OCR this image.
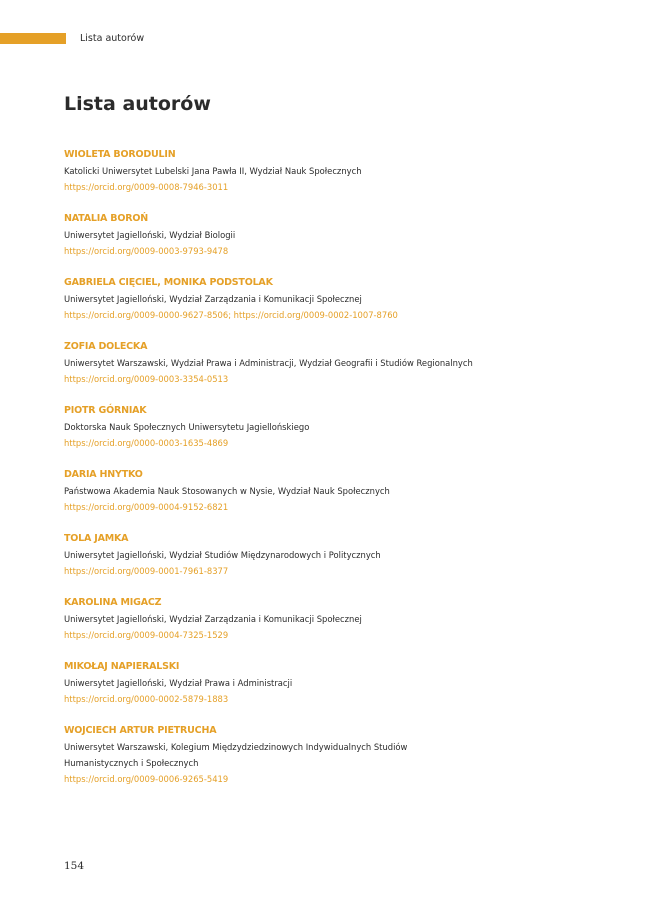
Lista autorów
Lista autorów
WIOLETA BORODULIN
Katolicki Uniwersytet Lubelski Jana Pawła II, Wydział Nauk Społecznych
https://orcid.org/0009-0008-7946-3011
NATALIA BOROŃ
Uniwersytet Jagielloński, Wydział Biologii
https://orcid.org/0009-0003-9793-9478
GABRIELA CIĘCIEL, MONIKA PODSTOLAK
Uniwersytet Jagielloński, Wydział Zarządzania i Komunikacji Społecznej
https://orcid.org/0009-0000-9627-8506; https://orcid.org/0009-0002-1007-8760
ZOFIA DOLECKA
Uniwersytet Warszawski, Wydział Prawa i Administracji, Wydział Geografii i Studiów Regionalnych
https://orcid.org/0009-0003-3354-0513
PIOTR GÓRNIAK
Doktorska Nauk Społecznych Uniwersytetu Jagiellońskiego
https://orcid.org/0000-0003-1635-4869
DARIA HNYTKO
Państwowa Akademia Nauk Stosowanych w Nysie, Wydział Nauk Społecznych
https://orcid.org/0009-0004-9152-6821
TOLA JAMKA
Uniwersytet Jagielloński, Wydział Studiów Międzynarodowych i Politycznych
https://orcid.org/0009-0001-7961-8377
KAROLINA MIGACZ
Uniwersytet Jagielloński, Wydział Zarządzania i Komunikacji Społecznej
https://orcid.org/0009-0004-7325-1529
MIKOŁAJ NAPIERALSKI
Uniwersytet Jagielloński, Wydział Prawa i Administracji
https://orcid.org/0000-0002-5879-1883
WOJCIECH ARTUR PIETRUCHA
Uniwersytet Warszawski, Kolegium Międzydziedzinowych Indywidualnych Studiów
Humanistycznych i Społecznych
https://orcid.org/0009-0006-9265-5419
154
